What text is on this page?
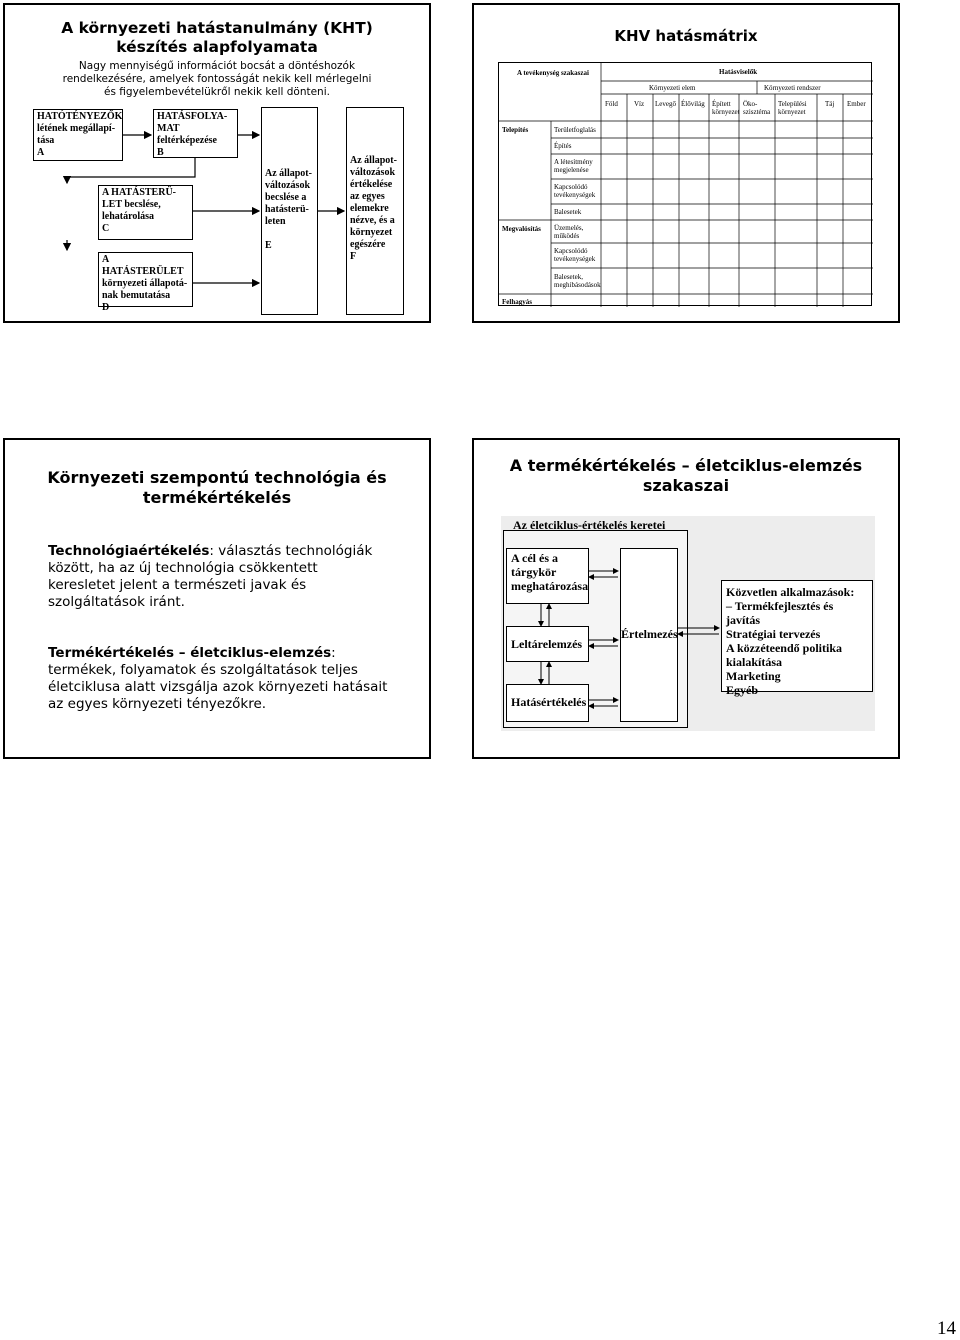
A környezeti hatástanulmány (KHT)
készítés alapfolyamata
Nagy mennyiségű információt bocsát a döntéshozók
rendelkezésére, amelyek fontosságát nekik kell mérlegelni
és figyelembevételükről nekik kell dönteni.
HATÓTÉNYEZŐK
létének megállapí-
tása
A
HATÁSFOLYA-
MAT
feltérképezése
B
A HATÁSTERÜ-
LET becslése,
lehatárolása
C
A HATÁSTERÜLET
környezeti állapotá-
nak bemutatása
D
Az állapot-
változások
becslése a
hatásterü-
leten

E
Az állapot-
változások
értékelése
az egyes
elemekre
nézve, és a
környezet
egészére
F
KHV hatásmátrix
A tevékenység szakaszai	Hatásviselők
Környezeti elem	Környezeti rendszer
Föld Víz Levegő Élővilág Épített
környezet
Öko-
szisztéma
Települési
környezet
Táj Ember
Telepítés
Megvalósítás
Felhagyás
Területfoglalás
Építés
A létesítmény
megjelenése
Kapcsolódó
tevékenységek
Balesetek
Üzemelés,
működés
Kapcsolódó
tevékenységek
Balesetek,
meghibásodások
Környezeti szempontú technológia és
termékértékelés
Technológiaértékelés: választás technológiák
között, ha az új technológia csökkentett
keresletet jelent a természeti javak és
szolgáltatások iránt.
Termékértékelés – életciklus-elemzés:
termékek, folyamatok és szolgáltatások teljes
életciklusa alatt vizsgálja azok környezeti hatásait
az egyes környezeti tényezőkre.
A termékértékelés – életciklus-elemzés
szakaszai
Az életciklus-értékelés keretei
A cél és a
tárgykör
meghatározása
Leltárelemzés
Hatásértékelés
Értelmezés
Közvetlen alkalmazások:
– Termékfejlesztés és javítás
Stratégiai tervezés
A közzéteendő politika
kialakítása
Marketing
Egyéb
14
